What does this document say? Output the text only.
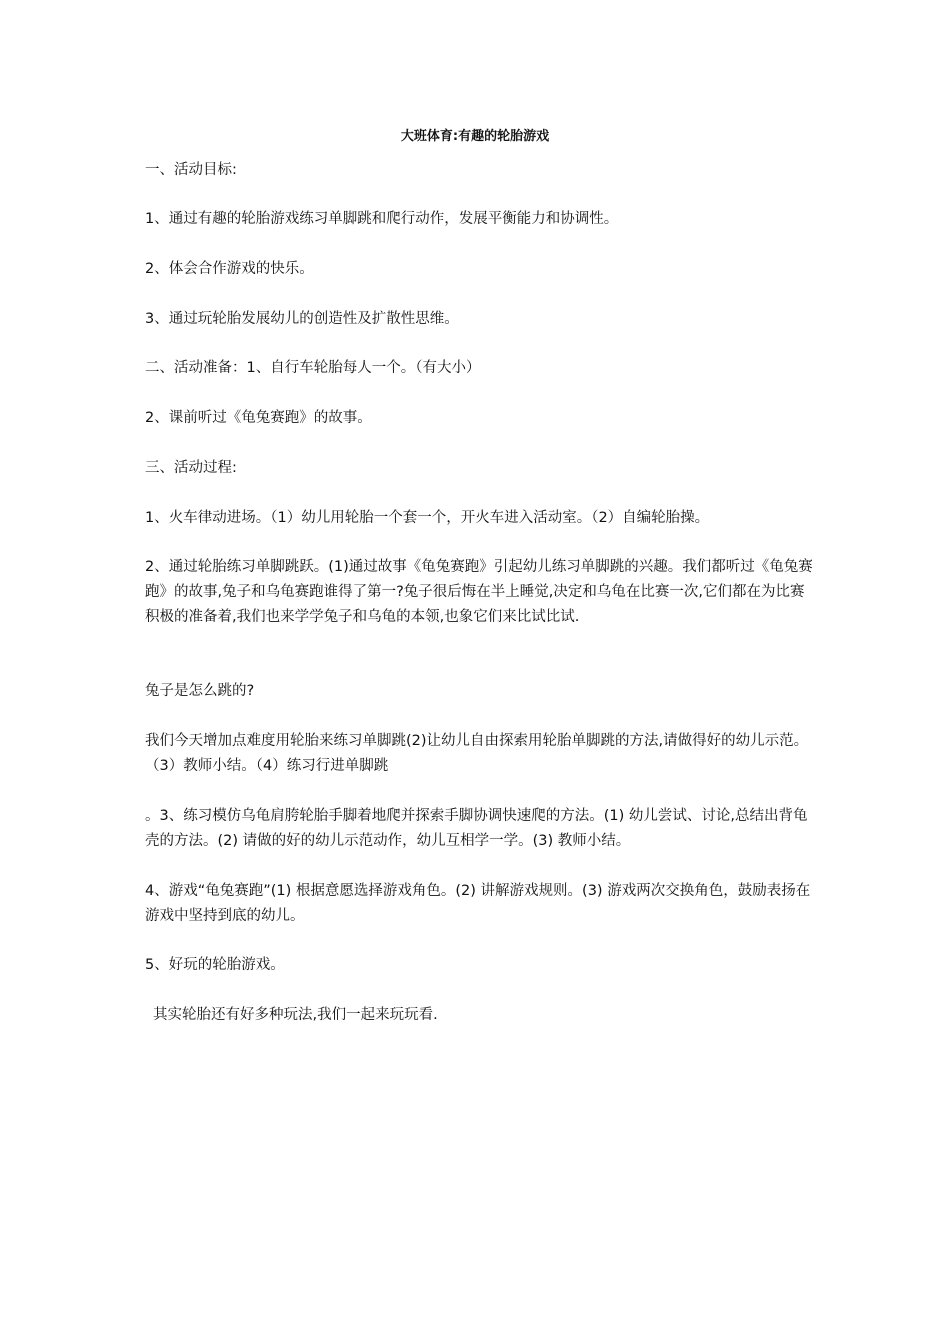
大班体育:有趣的轮胎游戏
一、活动目标:
1、通过有趣的轮胎游戏练习单脚跳和爬行动作，发展平衡能力和协调性。
2、体会合作游戏的快乐。
3、通过玩轮胎发展幼儿的创造性及扩散性思维。
二、活动准备：1、自行车轮胎每人一个。（有大小）
2、课前听过《龟兔赛跑》的故事。
三、活动过程:
1、火车律动进场。（1）幼儿用轮胎一个套一个，开火车进入活动室。（2）自编轮胎操。
2、通过轮胎练习单脚跳跃。(1)通过故事《龟兔赛跑》引起幼儿练习单脚跳的兴趣。我们都听过《龟兔赛跑》的故事,兔子和乌龟赛跑谁得了第一?兔子很后悔在半上睡觉,决定和乌龟在比赛一次,它们都在为比赛积极的准备着,我们也来学学兔子和乌龟的本领,也象它们来比试比试.
兔子是怎么跳的?
我们今天增加点难度用轮胎来练习单脚跳(2)让幼儿自由探索用轮胎单脚跳的方法,请做得好的幼儿示范。（3）教师小结。（4）练习行进单脚跳
。3、练习模仿乌龟肩胯轮胎手脚着地爬并探索手脚协调快速爬的方法。(1) 幼儿尝试、讨论,总结出背龟壳的方法。(2) 请做的好的幼儿示范动作，幼儿互相学一学。(3) 教师小结。
4、游戏“龟兔赛跑”(1) 根据意愿选择游戏角色。(2) 讲解游戏规则。(3) 游戏两次交换角色，鼓励表扬在游戏中坚持到底的幼儿。
5、好玩的轮胎游戏。
其实轮胎还有好多种玩法,我们一起来玩玩看.
